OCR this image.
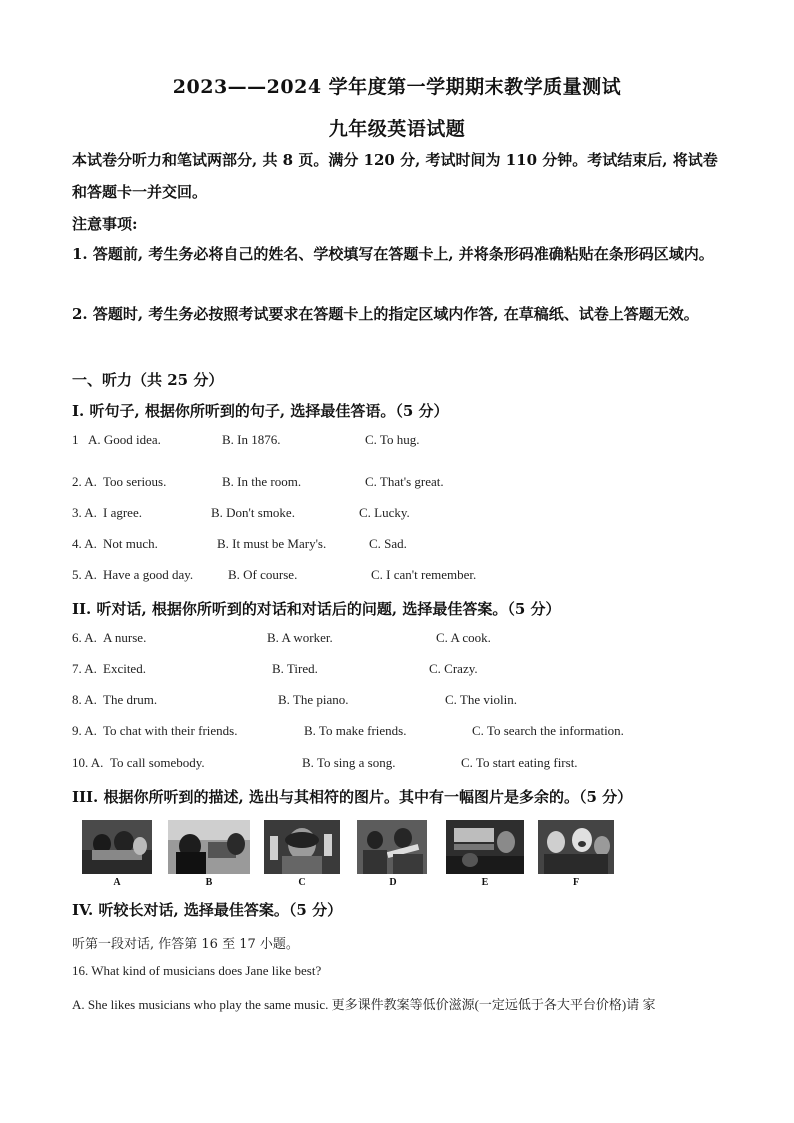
2023——2024 学年度第一学期期末教学质量测试
九年级英语试题
本试卷分听力和笔试两部分, 共 8 页。满分 120 分, 考试时间为 110 分钟。考试结束后, 将试卷和答题卡一并交回。
注意事项:
1. 答题前, 考生务必将自己的姓名、学校填写在答题卡上, 并将条形码准确粘贴在条形码区域内。
2. 答题时, 考生务必按照考试要求在答题卡上的指定区域内作答, 在草稿纸、试卷上答题无效。
一、听力（共 25 分）
I. 听句子, 根据你所听到的句子, 选择最佳答语。（5 分）
1 A. Good idea.	B. In 1876.	C. To hug.
2. A. Too serious.	B. In the room.	C. That's great.
3. A. I agree.	B. Don't smoke.	C. Lucky.
4. A. Not much.	B. It must be Mary's.	C. Sad.
5. A. Have a good day.	B. Of course.	C. I can't remember.
II. 听对话, 根据你所听到的对话和对话后的问题, 选择最佳答案。（5 分）
6. A. A nurse.	B. A worker.	C. A cook.
7. A. Excited.	B. Tired.	C. Crazy.
8. A. The drum.	B. The piano.	C. The violin.
9. A. To chat with their friends.	B. To make friends.	C. To search the information.
10. A. To call somebody.	B. To sing a song.	C. To start eating first.
III. 根据你所听到的描述, 选出与其相符的图片。其中有一幅图片是多余的。（5 分）
A	B	C	D	E	F
IV. 听较长对话, 选择最佳答案。（5 分）
听第一段对话, 作答第 16 至 17 小题。
16. What kind of musicians does Jane like best?
A. She likes musicians who play the same music. 更多课件教案等低价滋源(一定远低于各大平台价格)请 家
